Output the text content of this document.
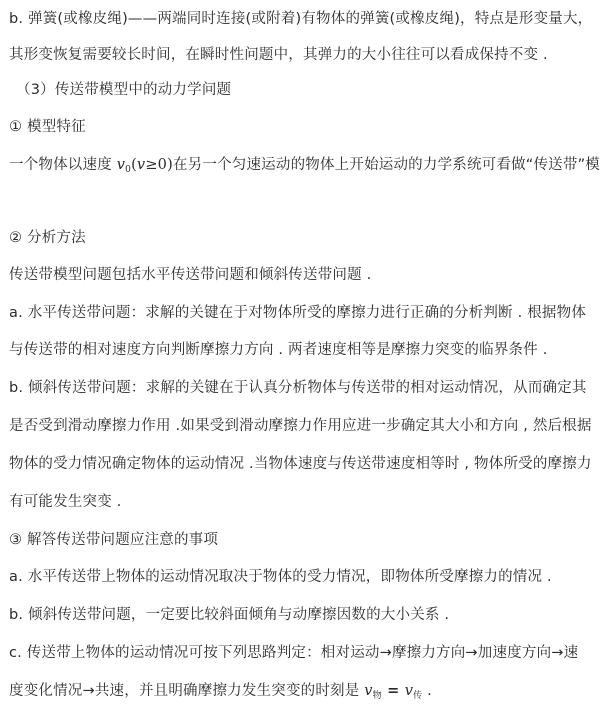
b. 弹簧(或橡皮绳)——两端同时连接(或附着)有物体的弹簧(或橡皮绳)，特点是形变量大，
其形变恢复需要较长时间，在瞬时性问题中，其弹力的大小往往可以看成保持不变 .
（3）传送带模型中的动力学问题
① 模型特征
一个物体以速度 $v_0(v\ge 0)$在另一个匀速运动的物体上开始运动的力学系统可看做“传送带”模
② 分析方法
传送带模型问题包括水平传送带问题和倾斜传送带问题 .
a. 水平传送带问题：求解的关键在于对物体所受的摩擦力进行正确的分析判断 . 根据物体
与传送带的相对速度方向判断摩擦力方向 . 两者速度相等是摩擦力突变的临界条件 .
b. 倾斜传送带问题：求解的关键在于认真分析物体与传送带的相对运动情况，从而确定其
是否受到滑动摩擦力作用 .如果受到滑动摩擦力作用应进一步确定其大小和方向 , 然后根据
物体的受力情况确定物体的运动情况 .当物体速度与传送带速度相等时 , 物体所受的摩擦力
有可能发生突变 .
③ 解答传送带问题应注意的事项
a. 水平传送带上物体的运动情况取决于物体的受力情况，即物体所受摩擦力的情况 .
b. 倾斜传送带问题，一定要比较斜面倾角与动摩擦因数的大小关系 .
c. 传送带上物体的运动情况可按下列思路判定：相对运动→摩擦力方向→加速度方向→速
度变化情况→共速，并且明确摩擦力发生突变的时刻是 $v_物 = v_传$ .
